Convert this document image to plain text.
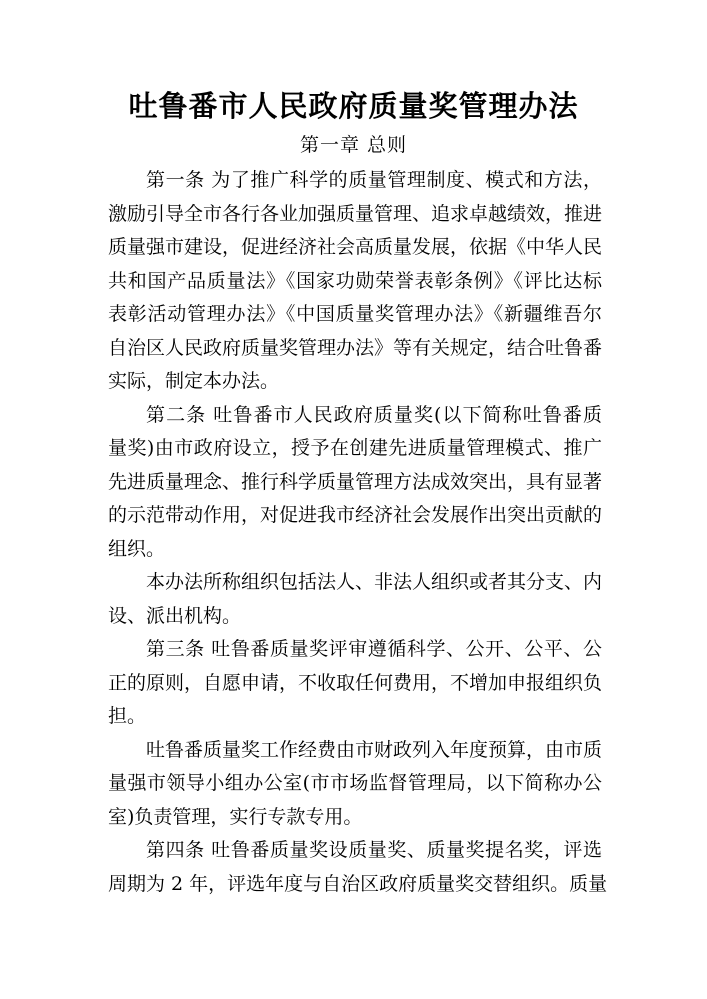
吐鲁番市人民政府质量奖管理办法
第一章 总则
第一条 为了推广科学的质量管理制度、模式和方法，
激励引导全市各行各业加强质量管理、追求卓越绩效，推进
质量强市建设，促进经济社会高质量发展，依据《中华人民
共和国产品质量法》《国家功勋荣誉表彰条例》《评比达标
表彰活动管理办法》《中国质量奖管理办法》《新疆维吾尔
自治区人民政府质量奖管理办法》等有关规定，结合吐鲁番
实际，制定本办法。
第二条 吐鲁番市人民政府质量奖(以下简称吐鲁番质
量奖)由市政府设立，授予在创建先进质量管理模式、推广
先进质量理念、推行科学质量管理方法成效突出，具有显著
的示范带动作用，对促进我市经济社会发展作出突出贡献的
组织。
本办法所称组织包括法人、非法人组织或者其分支、内
设、派出机构。
第三条 吐鲁番质量奖评审遵循科学、公开、公平、公
正的原则，自愿申请，不收取任何费用，不增加申报组织负
担。
吐鲁番质量奖工作经费由市财政列入年度预算，由市质
量强市领导小组办公室(市市场监督管理局，以下简称办公
室)负责管理，实行专款专用。
第四条 吐鲁番质量奖设质量奖、质量奖提名奖，评选
周期为 2 年，评选年度与自治区政府质量奖交替组织。质量
